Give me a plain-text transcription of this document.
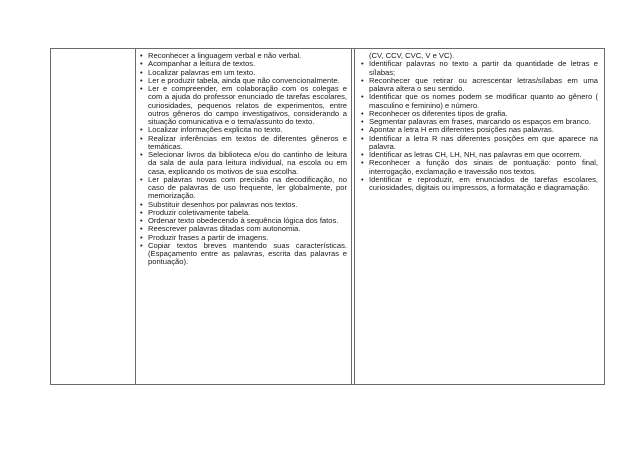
• Reconhecer a linguagem verbal e não verbal.
• Acompanhar a leitura de textos.
• Localizar palavras em um texto.
• Ler e produzir tabela, ainda que não convencionalmente.
• Ler e compreender, em colaboração com os colegas e com a ajuda do professor enunciado de tarefas escolares, curiosidades, pequenos relatos de experimentos, entre outros gêneros do campo investigativos, considerando a situação comunicativa e o tema/assunto do texto.
• Localizar informações explicita no texto.
• Realizar inferências em textos de diferentes gêneros e temáticas.
• Selecionar livros da biblioteca e/ou do cantinho de leitura da sala de aula para leitura individual, na escola ou em casa, explicando os motivos de sua escolha.
• Ler palavras novas com precisão na decodificação, no caso de palavras de uso frequente, ler globalmente, por memorização.
• Substituir desenhos por palavras nos textos.
• Produzir coletivamente tabela.
• Ordenar texto obedecendo à sequência lógica dos fatos.
• Reescrever palavras ditadas com autonomia.
• Produzir frases a partir de imagens.
• Copiar textos breves mantendo suas características. (Espaçamento entre as palavras, escrita das palavras e pontuação).
(CV, CCV, CVC, V e VC).
• Identificar palavras no texto a partir da quantidade de letras e sílabas;
• Reconhecer que retirar ou acrescentar letras/sílabas em uma palavra altera o seu sentido.
• Identificar que os nomes podem se modificar quanto ao gênero ( masculino e feminino) e número.
• Reconhecer os diferentes tipos de grafia.
• Segmentar palavras em frases, marcando os espaços em branco.
• Apontar a letra H em diferentes posições nas palavras.
• Identificar a letra R nas diferentes posições em que aparece na palavra.
• Identificar as letras CH, LH, NH, nas palavras em que ocorrem.
• Reconhecer a função dos sinais de pontuação: ponto final, interrogação, exclamação e travessão nos textos.
• Identificar e reproduzir, em enunciados de tarefas escolares, curiosidades, digitais ou impressos, a formatação e diagramação.
